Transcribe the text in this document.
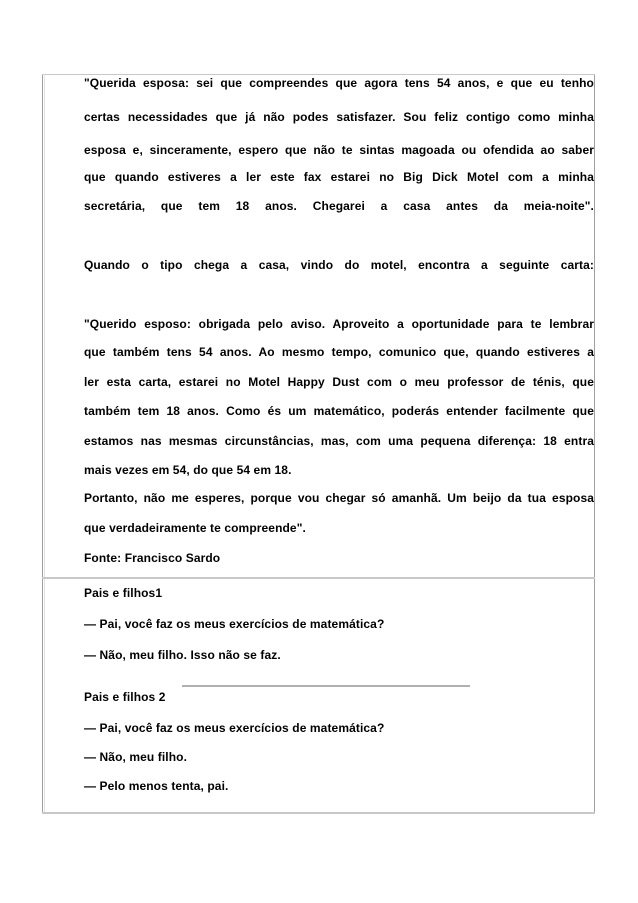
"Querida esposa: sei que compreendes que agora tens 54 anos, e que eu tenho
certas necessidades que já não podes satisfazer. Sou feliz contigo como minha
esposa e, sinceramente, espero que não te sintas magoada ou ofendida ao saber
que quando estiveres a ler este fax estarei no Big Dick Motel com a minha
secretária, que tem 18 anos. Chegarei a casa antes da meia-noite".
Quando o tipo chega a casa, vindo do motel, encontra a seguinte carta:
"Querido esposo: obrigada pelo aviso. Aproveito a oportunidade para te lembrar
que também tens 54 anos. Ao mesmo tempo, comunico que, quando estiveres a
ler esta carta, estarei no Motel Happy Dust com o meu professor de ténis, que
também tem 18 anos. Como és um matemático, poderás entender facilmente que
estamos nas mesmas circunstâncias, mas, com uma pequena diferença: 18 entra
mais vezes em 54, do que 54 em 18.
Portanto, não me esperes, porque vou chegar só amanhã. Um beijo da tua esposa
que verdadeiramente te compreende".
Fonte: Francisco Sardo
Pais e filhos1
— Pai, você faz os meus exercícios de matemática?
— Não, meu filho. Isso não se faz.
Pais e filhos 2
— Pai, você faz os meus exercícios de matemática?
— Não, meu filho.
— Pelo menos tenta, pai.
